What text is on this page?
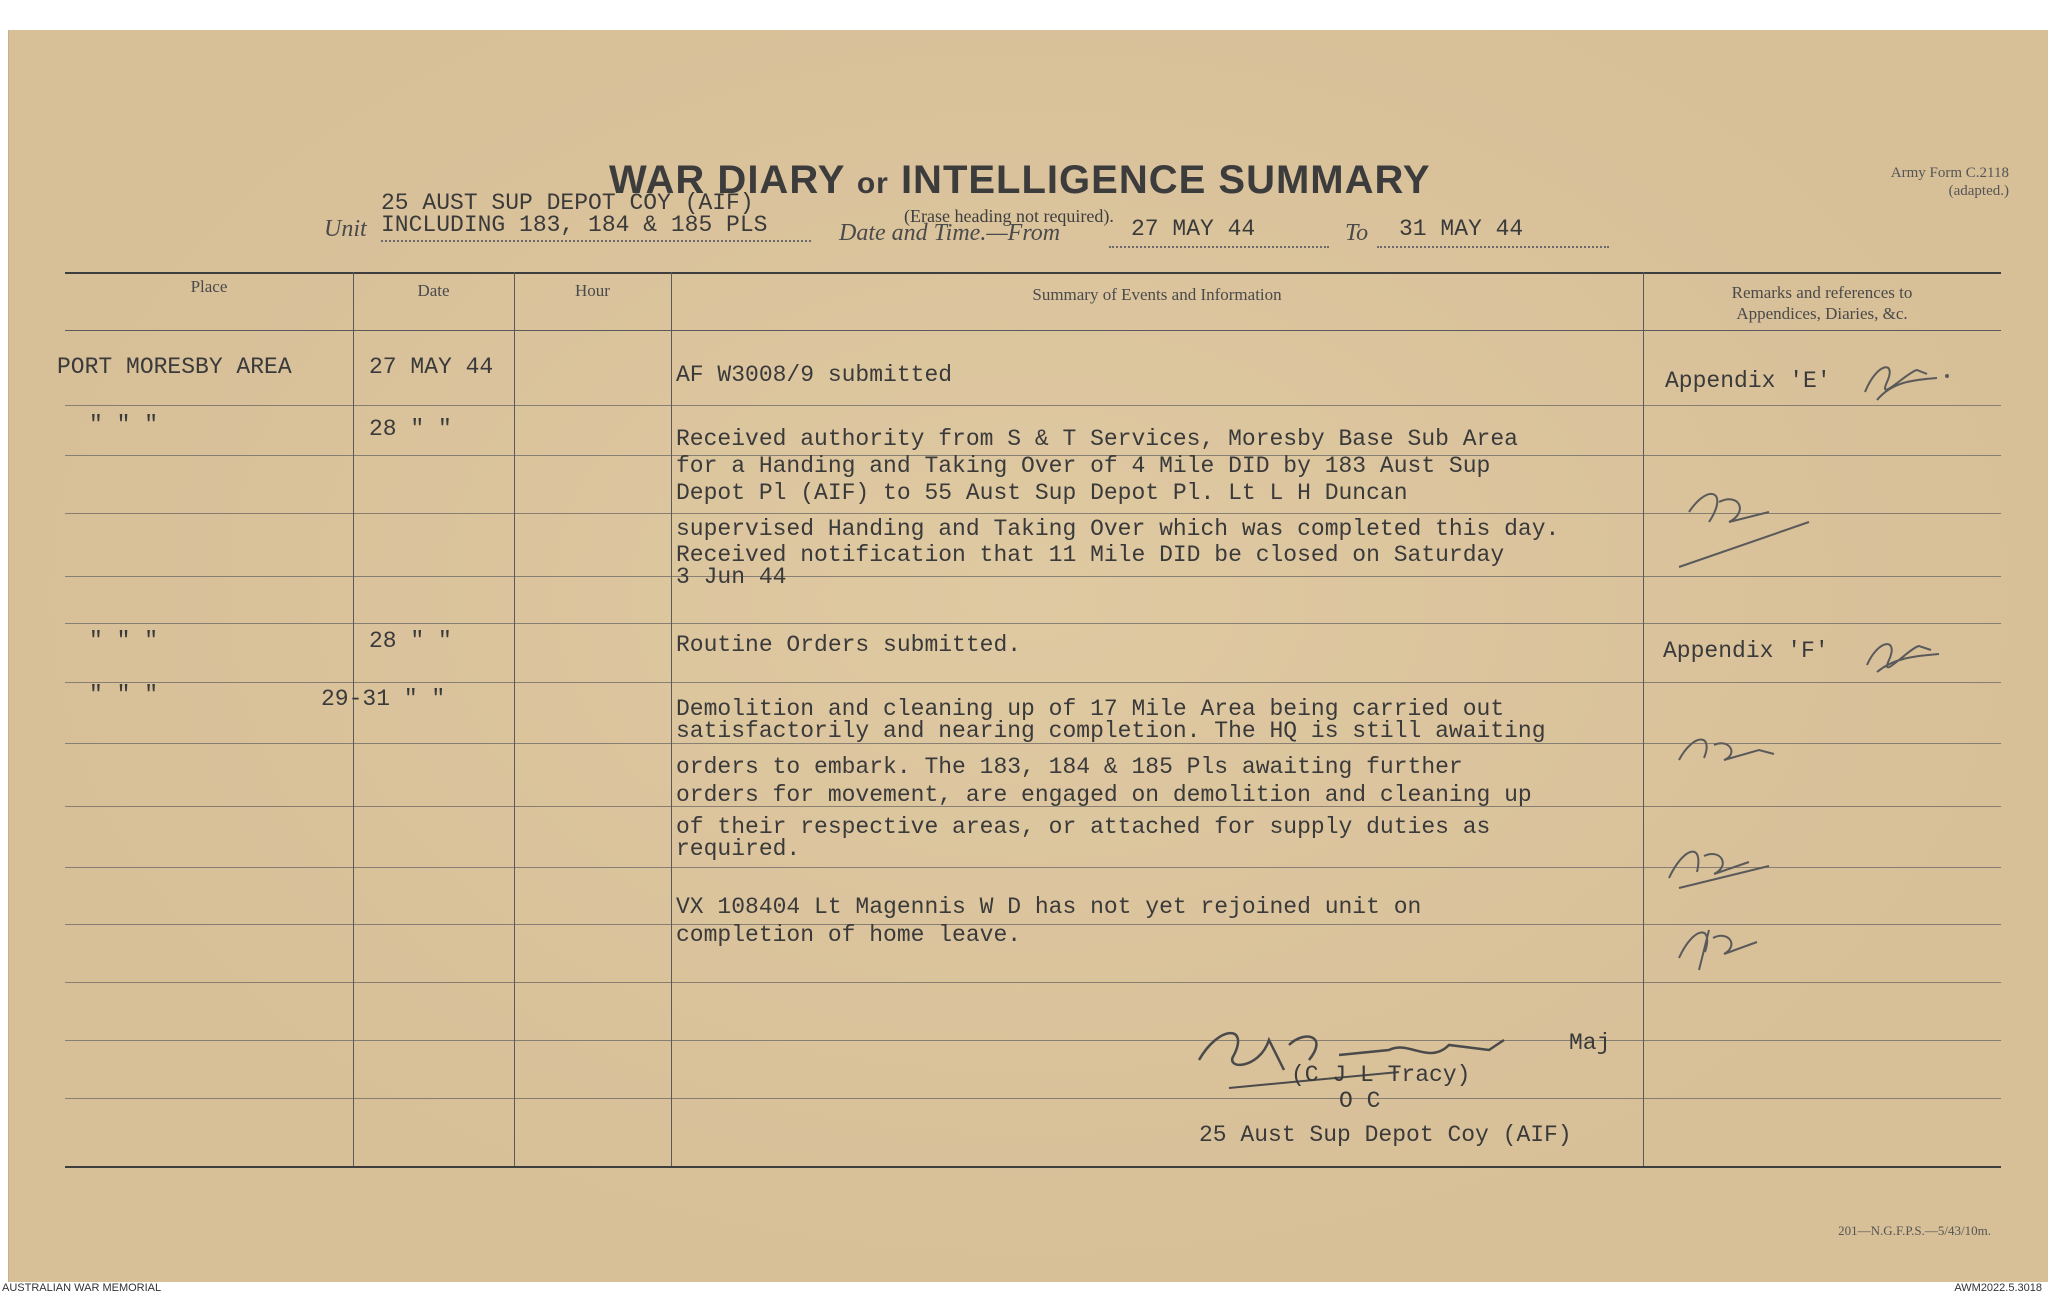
WAR DIARY or INTELLIGENCE SUMMARY
(Erase heading not required).
Army Form C.2118
(adapted.)
25 AUST SUP DEPOT COY (AIF)
Unit INCLUDING 183, 184 & 185 PLS	Date and Time.—From	27 MAY 44	To 31 MAY 44
Place	Date	Hour	Summary of Events and Information	Remarks and references to
Appendices, Diaries, &c.
PORT MORESBY AREA	27 MAY 44	AF W3008/9 submitted	Appendix 'E'
" " "	28 " "	Received authority from S & T Services, Moresby Base Sub Area
for a Handing and Taking Over of 4 Mile DID by 183 Aust Sup
Depot Pl (AIF) to 55 Aust Sup Depot Pl. Lt L H Duncan
supervised Handing and Taking Over which was completed this day.
Received notification that 11 Mile DID be closed on Saturday
3 Jun 44
" " "	28 " "	Routine Orders submitted.	Appendix 'F'
" " "	29-31 " "	Demolition and cleaning up of 17 Mile Area being carried out
satisfactorily and nearing completion. The HQ is still awaiting
orders to embark. The 183, 184 & 185 Pls awaiting further
orders for movement, are engaged on demolition and cleaning up
of their respective areas, or attached for supply duties as
required.
VX 108404 Lt Magennis W D has not yet rejoined unit on
completion of home leave.
Maj
(C J L Tracy)
O C
25 Aust Sup Depot Coy (AIF)
201—N.G.F.P.S.—5/43/10m.
AUSTRALIAN WAR MEMORIAL	AWM2022.5.3018
